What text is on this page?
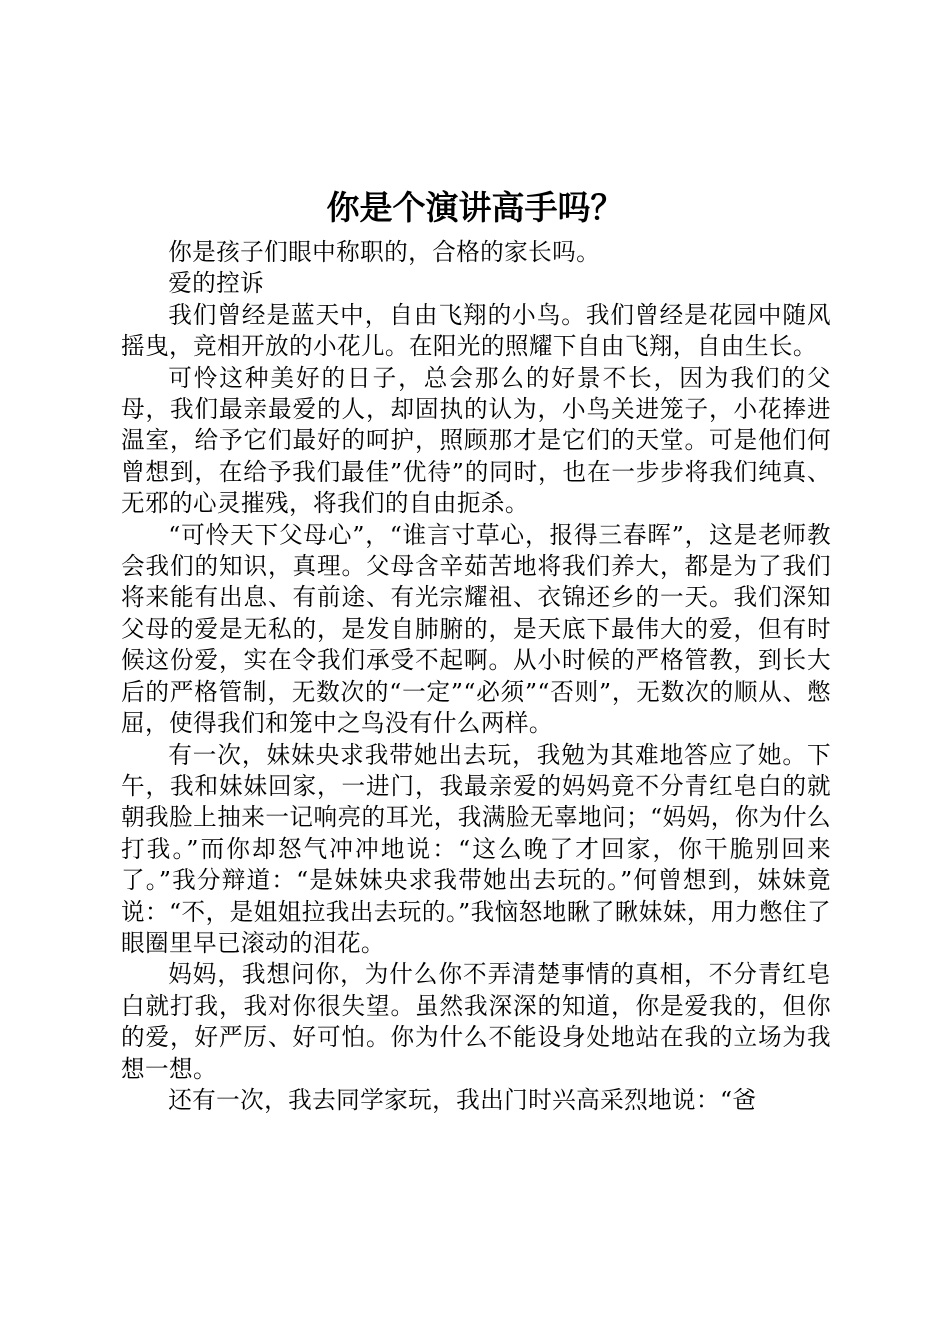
你是个演讲高手吗？

你是孩子们眼中称职的，合格的家长吗。

爱的控诉

我们曾经是蓝天中，自由飞翔的小鸟。我们曾经是花园中随风摇曳，竞相开放的小花儿。在阳光的照耀下自由飞翔，自由生长。

可怜这种美好的日子，总会那么的好景不长，因为我们的父母，我们最亲最爱的人，却固执的认为，小鸟关进笼子，小花捧进温室，给予它们最好的呵护，照顾那才是它们的天堂。可是他们何曾想到，在给予我们最佳”优待”的同时，也在一步步将我们纯真、无邪的心灵摧残，将我们的自由扼杀。

“可怜天下父母心”，“谁言寸草心，报得三春晖”，这是老师教会我们的知识，真理。父母含辛茹苦地将我们养大，都是为了我们将来能有出息、有前途、有光宗耀祖、衣锦还乡的一天。我们深知父母的爱是无私的，是发自肺腑的，是天底下最伟大的爱，但有时候这份爱，实在令我们承受不起啊。从小时候的严格管教，到长大后的严格管制，无数次的“一定”“必须”“否则”，无数次的顺从、憋屈，使得我们和笼中之鸟没有什么两样。

有一次，妹妹央求我带她出去玩，我勉为其难地答应了她。下午，我和妹妹回家，一进门，我最亲爱的妈妈竟不分青红皂白的就朝我脸上抽来一记响亮的耳光，我满脸无辜地问；“妈妈，你为什么打我。”而你却怒气冲冲地说：“这么晚了才回家，你干脆别回来了。”我分辩道：“是妹妹央求我带她出去玩的。”何曾想到，妹妹竟说：“不，是姐姐拉我出去玩的。”我恼怒地瞅了瞅妹妹，用力憋住了眼圈里早已滚动的泪花。

妈妈，我想问你，为什么你不弄清楚事情的真相，不分青红皂白就打我，我对你很失望。虽然我深深的知道，你是爱我的，但你的爱，好严厉、好可怕。你为什么不能设身处地站在我的立场为我想一想。

还有一次，我去同学家玩，我出门时兴高采烈地说：“爸
